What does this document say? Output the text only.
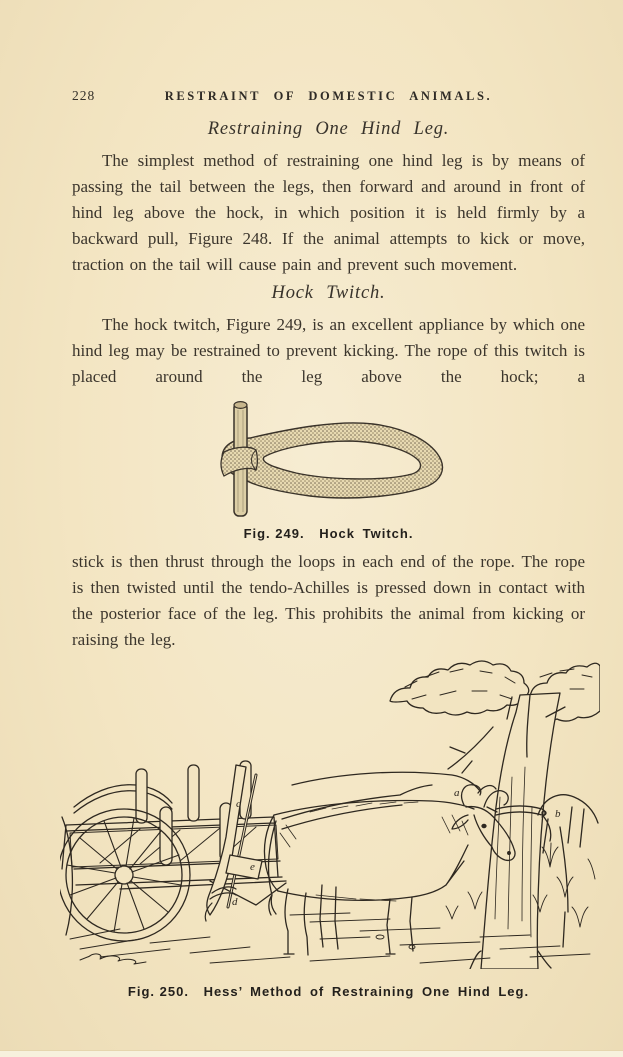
228	RESTRAINT OF DOMESTIC ANIMALS.
Restraining One Hind Leg.

The simplest method of restraining one hind leg is by means of passing the tail between the legs, then forward and around in front of hind leg above the hock, in which position it is held firmly by a backward pull, Figure 248. If the animal attempts to kick or move, traction on the tail will cause pain and prevent such movement.

Hock Twitch.

The hock twitch, Figure 249, is an excellent appliance by which one hind leg may be restrained to prevent kicking. The rope of this twitch is placed around the leg above the hock; a

Fig. 249. Hock Twitch.

stick is then thrust through the loops in each end of the rope. The rope is then twisted until the tendo-Achilles is pressed down in contact with the posterior face of the leg. This prohibits the animal from kicking or raising the leg.

c
e
d
a
b
Fig. 250. Hess’ Method of Restraining One Hind Leg.
